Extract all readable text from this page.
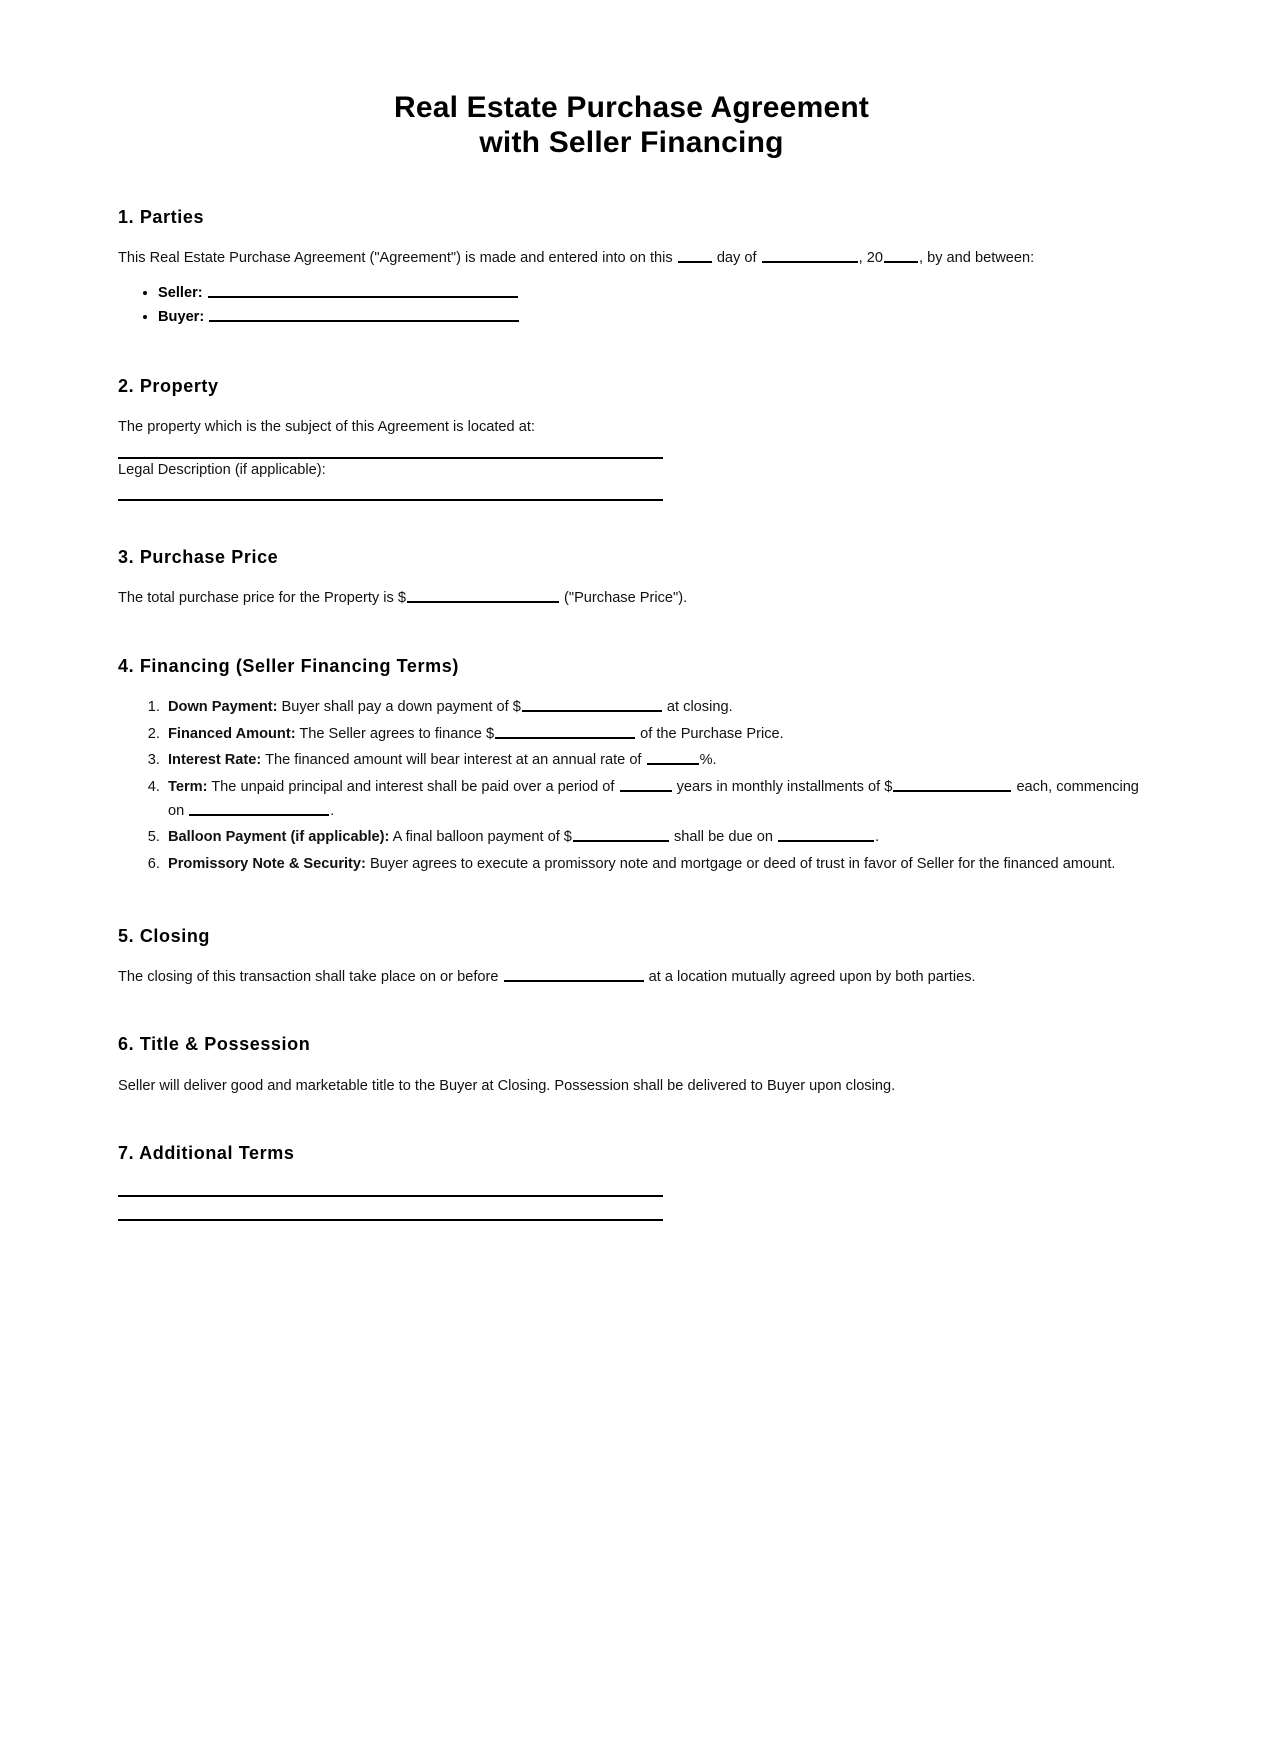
Real Estate Purchase Agreement
with Seller Financing
1. Parties

This Real Estate Purchase Agreement ("Agreement") is made and entered into on this	day of	, 20 , by and between:

• Seller:
• Buyer:
2. Property

The property which is the subject of this Agreement is located at:

Legal Description (if applicable):

3. Purchase Price

The total purchase price for the Property is $	("Purchase Price").

4. Financing (Seller Financing Terms)
1. Down Payment: Buyer shall pay a down payment of $	at closing.
2. Financed Amount: The Seller agrees to finance $	of the Purchase Price.
3. Interest Rate: The financed amount will bear interest at an annual rate of	%.
4. Term: The unpaid principal and interest shall be paid over a period of	years in monthly installments of $	each, commencing on	.
5. Balloon Payment (if applicable): A final balloon payment of $	shall be due on	.
6. Promissory Note & Security: Buyer agrees to execute a promissory note and mortgage or deed of trust in favor of Seller for the financed amount.
5. Closing

The closing of this transaction shall take place on or before	at a location mutually agreed upon by both parties.

6. Title & Possession

Seller will deliver good and marketable title to the Buyer at Closing. Possession shall be delivered to Buyer upon closing.

7. Additional Terms
